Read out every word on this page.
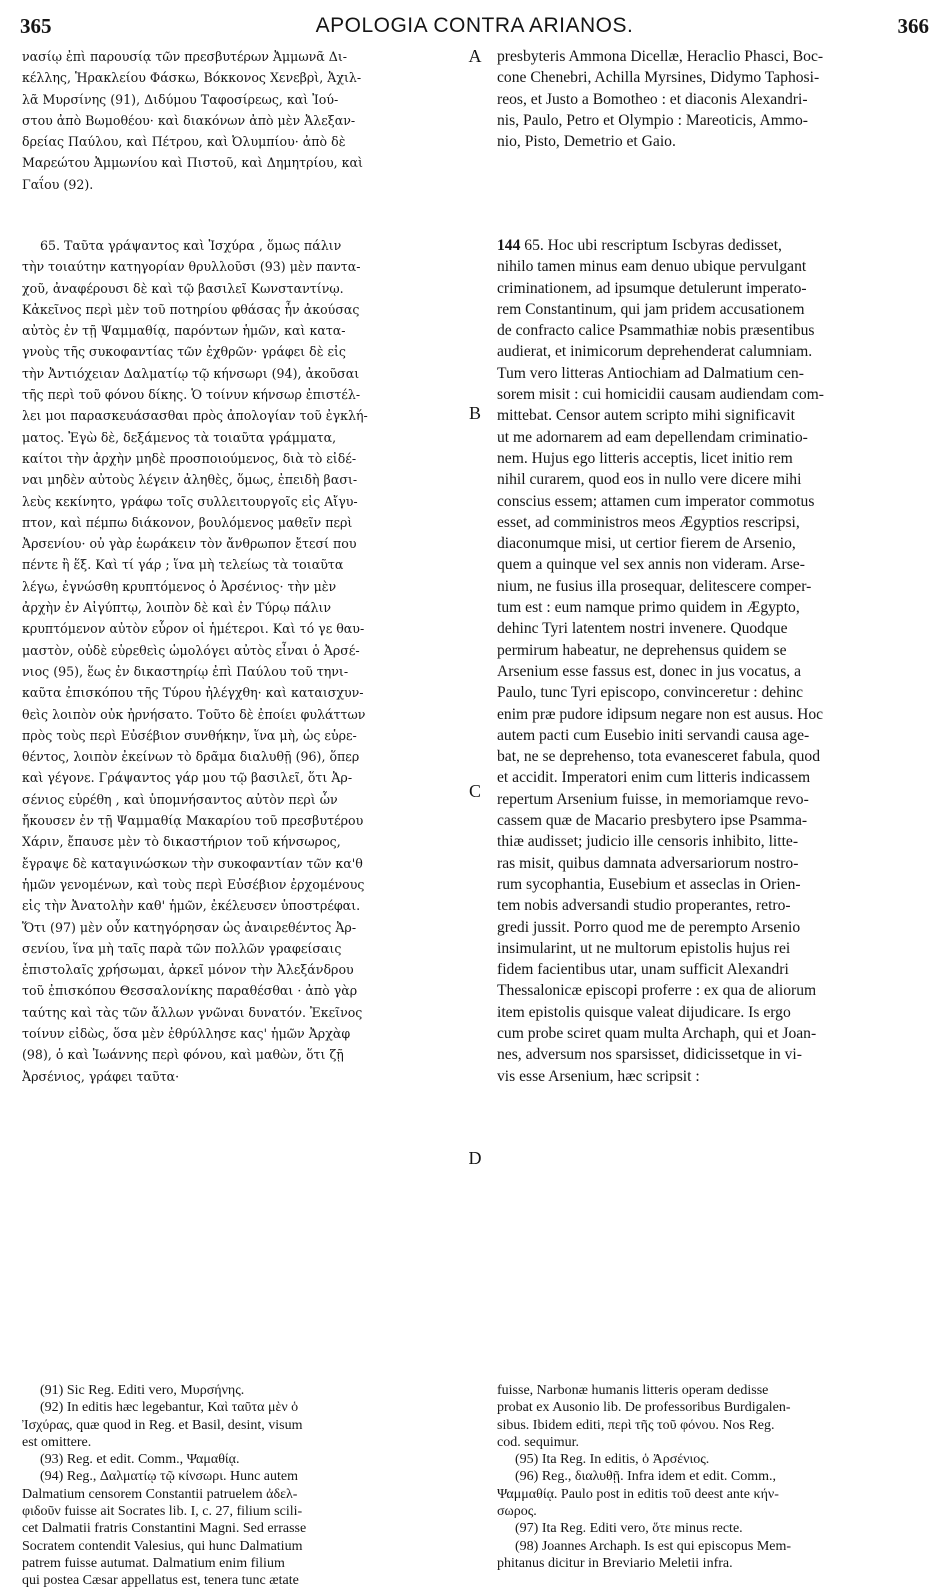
365	APOLOGIA CONTRA ARIANOS.	366
νασίῳ ἐπὶ παρουσίᾳ τῶν πρεσβυτέρων Ἀμμωνᾶ Δι-
κέλλης, Ἡρακλείου Φάσκω, Βόκκονος Χενεβρὶ, Ἀχιλ-
λᾶ Μυρσίνης (91), Διδύμου Ταφοσίρεως, καὶ Ἰού-
στου ἀπὸ Βωμοθέου· καὶ διακόνων ἀπὸ μὲν Ἀλεξαν-
δρείας Παύλου, καὶ Πέτρου, καὶ Ὀλυμπίου· ἀπὸ δὲ
Μαρεώτου Ἀμμωνίου καὶ Πιστοῦ, καὶ Δημητρίου, καὶ
Γαΐου (92).
A presbyteris Ammona Dicellæ, Heraclio Phasci, Boc-
cone Chenebri, Achilla Myrsines, Didymo Taphosi-
reos, et Justo a Bomotheo : et diaconis Alexandri-
nis, Paulo, Petro et Olympio : Mareoticis, Ammo-
nio, Pisto, Demetrio et Gaio.
65. Ταῦτα γράψαντος καὶ Ἰσχύρα , ὅμως πάλιν
τὴν τοιαύτην κατηγορίαν θρυλλοῦσι (93) μὲν παντα-
χοῦ, ἀναφέρουσι δὲ καὶ τῷ βασιλεῖ Κωνσταντίνῳ.
Κἀκεῖνος περὶ μὲν τοῦ ποτηρίου φθάσας ἦν ἀκούσας
αὐτὸς ἐν τῇ Ψαμμαθίᾳ, παρόντων ἡμῶν, καὶ κατα-
γνοὺς τῆς συκοφαντίας τῶν ἐχθρῶν· γράφει δὲ εἰς
τὴν Ἀντιόχειαν Δαλματίῳ τῷ κήνσωρι (94), ἀκοῦσαι
τῆς περὶ τοῦ φόνου δίκης. Ὁ τοίνυν κήνσωρ ἐπιστέλ-
λει μοι παρασκευάσασθαι πρὸς ἀπολογίαν τοῦ ἐγκλή-
ματος. Ἐγὼ δὲ, δεξάμενος τὰ τοιαῦτα γράμματα,
καίτοι τὴν ἀρχὴν μηδὲ προσποιούμενος, διὰ τὸ εἰδέ-
ναι μηδὲν αὐτοὺς λέγειν ἀληθὲς, ὅμως, ἐπειδὴ βασι-
λεὺς κεκίνητο, γράφω τοῖς συλλειτουργοῖς εἰς Αἴγυ-
πτον, καὶ πέμπω διάκονον, βουλόμενος μαθεῖν περὶ
Ἀρσενίου· οὐ γὰρ ἑωράκειν τὸν ἄνθρωπον ἔτεσί που
πέντε ἢ ἕξ. Καὶ τί γάρ ; ἵνα μὴ τελείως τὰ τοιαῦτα
λέγω, ἐγνώσθη κρυπτόμενος ὁ Ἀρσένιος· τὴν μὲν
ἀρχὴν ἐν Αἰγύπτῳ, λοιπὸν δὲ καὶ ἐν Τύρῳ πάλιν
κρυπτόμενον αὐτὸν εὗρον οἱ ἡμέτεροι. Καὶ τό γε θαυ-
μαστὸν, οὐδὲ εὑρεθεὶς ὡμολόγει αὐτὸς εἶναι ὁ Ἀρσέ-
νιος (95), ἕως ἐν δικαστηρίῳ ἐπὶ Παύλου τοῦ τηνι-
καῦτα ἐπισκόπου τῆς Τύρου ἠλέγχθη· καὶ καταισχυν-
θεὶς λοιπὸν οὐκ ἠρνήσατο. Τοῦτο δὲ ἐποίει φυλάττων
πρὸς τοὺς περὶ Εὐσέβιον συνθήκην, ἵνα μὴ, ὡς εὑρε-
θέντος, λοιπὸν ἐκείνων τὸ δρᾶμα διαλυθῇ (96), ὅπερ
καὶ γέγονε. Γράψαντος γάρ μου τῷ βασιλεῖ, ὅτι Ἀρ-
σένιος εὑρέθη , καὶ ὑπομνήσαντος αὐτὸν περὶ ὧν
ἤκουσεν ἐν τῇ Ψαμμαθίᾳ Μακαρίου τοῦ πρεσβυτέρου
Χάριν, ἔπαυσε μὲν τὸ δικαστήριον τοῦ κήνσωρος,
ἔγραψε δὲ καταγινώσκων τὴν συκοφαντίαν τῶν κα'θ
ἡμῶν γενομένων, καὶ τοὺς περὶ Εὐσέβιον ἐρχομένους
εἰς τὴν Ἀνατολὴν καθ' ἡμῶν, ἐκέλευσεν ὑποστρέφαι.
Ὅτι (97) μὲν οὖν κατηγόρησαν ὡς ἀναιρεθέντος Ἀρ-
σενίου, ἵνα μὴ ταῖς παρὰ τῶν πολλῶν γραφείσαις
ἐπιστολαῖς χρήσωμαι, ἀρκεῖ μόνον τὴν Ἀλεξάνδρου
τοῦ ἐπισκόπου Θεσσαλονίκης παραθέσθαι · ἀπὸ γὰρ
ταύτης καὶ τὰς τῶν ἄλλων γνῶναι δυνατόν. Ἐκεῖνος
τοίνυν εἰδὼς, ὅσα μὲν ἐθρύλλησε κας' ἡμῶν Ἀρχὰφ
(98), ὁ καὶ Ἰωάννης περὶ φόνου, καὶ μαθὼν, ὅτι ζῇ
Ἀρσένιος, γράφει ταῦτα·
B
C
D
144 65. Hoc ubi rescriptum Iscbyras dedisset,
nihilo tamen minus eam denuo ubique pervulgant
criminationem, ad ipsumque detulerunt imperato-
rem Constantinum, qui jam pridem accusationem
de confracto calice Psammathiæ nobis præsentibus
audierat, et inimicorum deprehenderat calumniam.
Tum vero litteras Antiochiam ad Dalmatium cen-
sorem misit : cui homicidii causam audiendam com-
mittebat. Censor autem scripto mihi significavit
ut me adornarem ad eam depellendam criminatio-
nem. Hujus ego litteris acceptis, licet initio rem
nihil curarem, quod eos in nullo vere dicere mihi
conscius essem; attamen cum imperator commotus
esset, ad comministros meos Ægyptios rescripsi,
diaconumque misi, ut certior fierem de Arsenio,
quem a quinque vel sex annis non videram. Arse-
nium, ne fusius illa prosequar, delitescere comper-
tum est : eum namque primo quidem in Ægypto,
dehinc Tyri latentem nostri invenere. Quodque
permirum habeatur, ne deprehensus quidem se
Arsenium esse fassus est, donec in jus vocatus, a
Paulo, tunc Tyri episcopo, convinceretur : dehinc
enim præ pudore idipsum negare non est ausus. Hoc
autem pacti cum Eusebio initi servandi causa age-
bat, ne se deprehenso, tota evanesceret fabula, quod
et accidit. Imperatori enim cum litteris indicassem
repertum Arsenium fuisse, in memoriamque revo-
cassem quæ de Macario presbytero ipse Psamma-
thiæ audisset; judicio ille censoris inhibito, litte-
ras misit, quibus damnata adversariorum nostro-
rum sycophantia, Eusebium et asseclas in Orien-
tem nobis adversandi studio properantes, retro-
gredi jussit. Porro quod me de perempto Arsenio
insimularint, ut ne multorum epistolis hujus rei
fidem facientibus utar, unam sufficit Alexandri
Thessalonicæ episcopi proferre : ex qua de aliorum
item epistolis quisque valeat dijudicare. Is ergo
cum probe sciret quam multa Archaph, qui et Joan-
nes, adversum nos sparsisset, didicissetque in vi-
vis esse Arsenium, hæc scripsit :
(91) Sic Reg. Editi vero, Μυρσήνης.
(92) In editis hæc legebantur, Καὶ ταῦτα μὲν ὁ
Ἰσχύρας, quæ quod in Reg. et Basil, desint, visum
est omittere.
(93) Reg. et edit. Comm., Ψαμαθίᾳ.
(94) Reg., Δαλματίῳ τῷ κίνσωρι. Hunc autem
Dalmatium censorem Constantii patruelem ἀδελ-
φιδοῦν fuisse ait Socrates lib. I, c. 27, filium scili-
cet Dalmatii fratris Constantini Magni. Sed errasse
Socratem contendit Valesius, qui hunc Dalmatium
patrem fuisse autumat. Dalmatium enim filium
qui postea Cæsar appellatus est, tenera tunc ætate
fuisse, Narbonæ humanis litteris operam dedisse
probat ex Ausonio lib. De professoribus Burdigalen-
sibus. Ibidem editi, περὶ τῆς τοῦ φόνου. Nos Reg.
cod. sequimur.
(95) Ita Reg. In editis, ὁ Ἀρσένιος.
(96) Reg., διαλυθῇ. Infra idem et edit. Comm.,
Ψαμμαθίᾳ. Paulo post in editis τοῦ deest ante κήν-
σωρος.
(97) Ita Reg. Editi vero, ὅτε minus recte.
(98) Joannes Archaph. Is est qui episcopus Mem-
phitanus dicitur in Breviario Meletii infra.
